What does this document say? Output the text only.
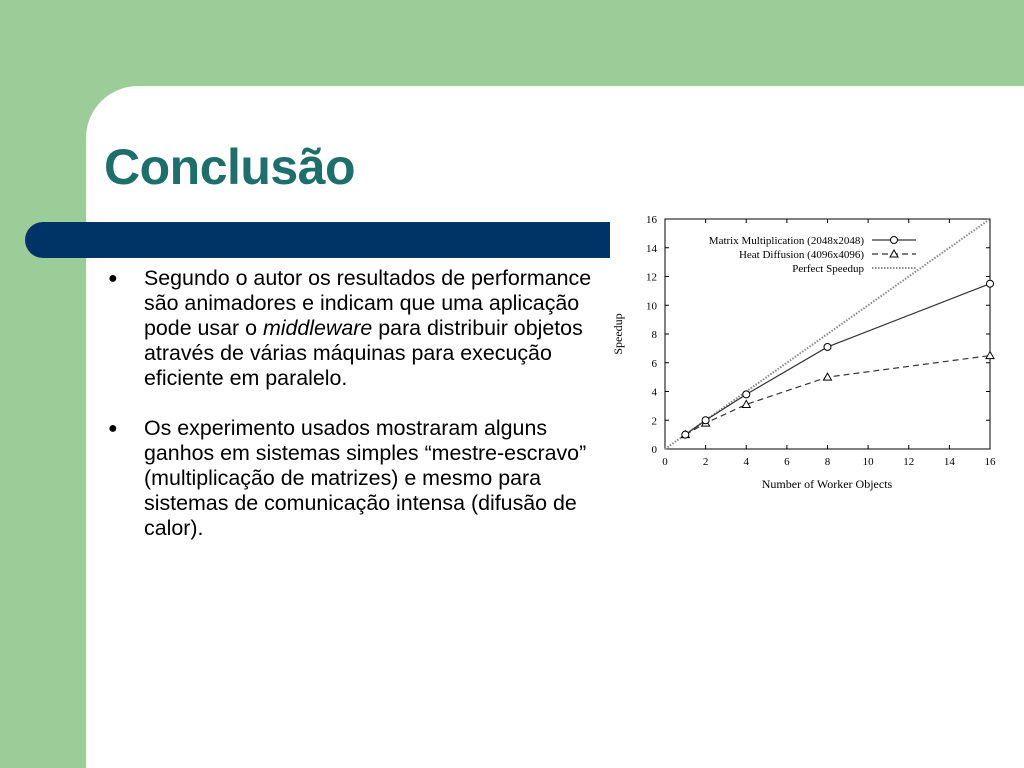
Conclusão
● Segundo o autor os resultados de performance são animadores e indicam que uma aplicação pode usar o middleware para distribuir objetos através de várias máquinas para execução eficiente em paralelo.
● Os experimento usados mostraram alguns ganhos em sistemas simples “mestre-escravo” (multiplicação de matrizes) e mesmo para sistemas de comunicação intensa (difusão de calor).
0	2	4	6	8	10	12	14	16
0
2
4
6
8
10
12
14
16
Matrix Multiplication (2048x2048)
Heat Diffusion (4096x4096)
Perfect Speedup
Number of Worker Objects
Speedup
